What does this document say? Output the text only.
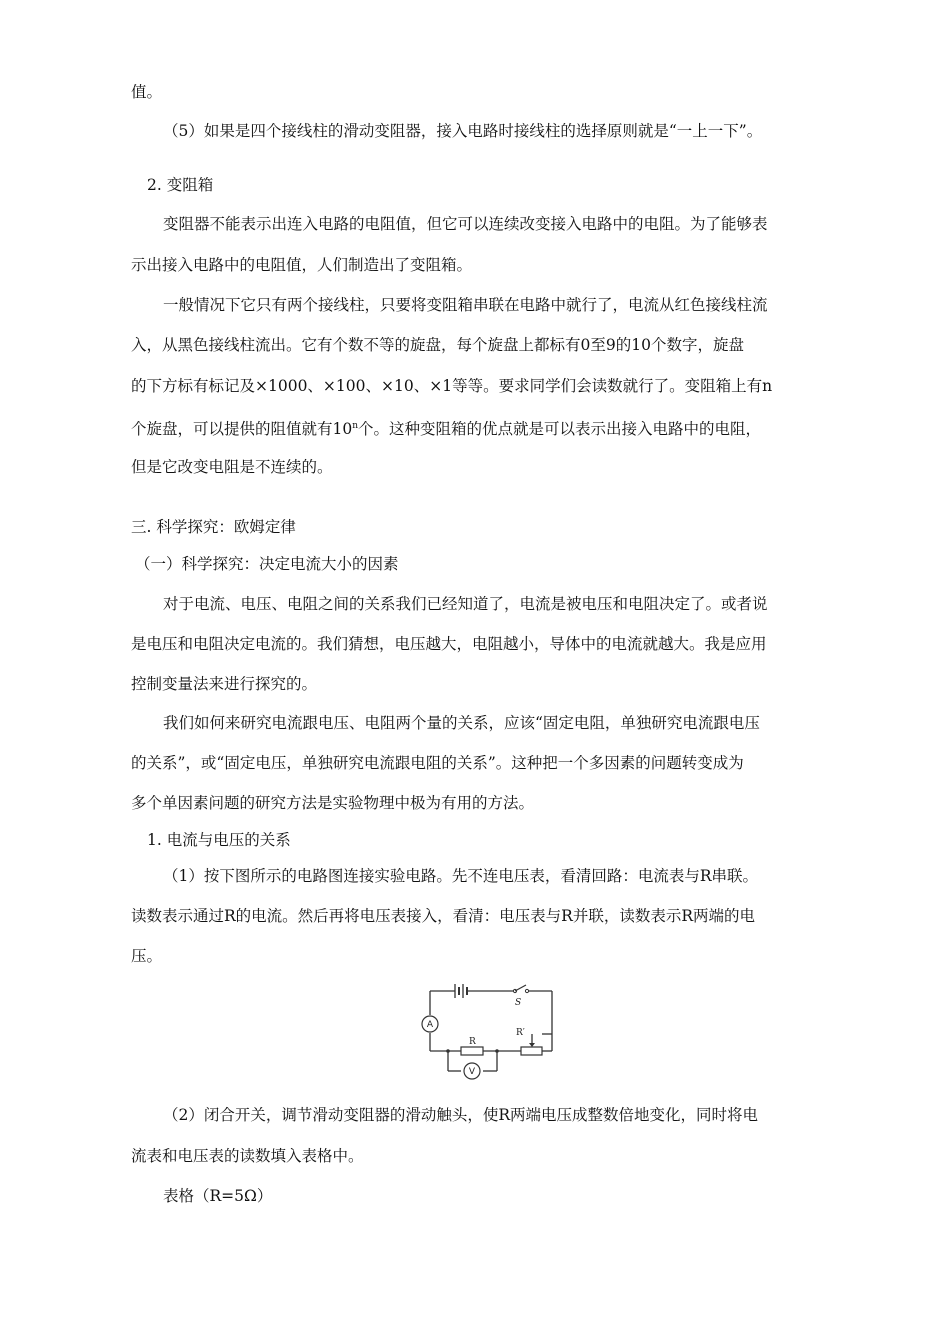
值。
（5）如果是四个接线柱的滑动变阻器，接入电路时接线柱的选择原则就是“一上一下”。
2. 变阻箱
变阻器不能表示出连入电路的电阻值，但它可以连续改变接入电路中的电阻。为了能够表
示出接入电路中的电阻值，人们制造出了变阻箱。
一般情况下它只有两个接线柱，只要将变阻箱串联在电路中就行了，电流从红色接线柱流
入，从黑色接线柱流出。它有个数不等的旋盘，每个旋盘上都标有0至9的10个数字，旋盘
的下方标有标记及×1000、×100、×10、×1等等。要求同学们会读数就行了。变阻箱上有n
个旋盘，可以提供的阻值就有10$^n$个。这种变阻箱的优点就是可以表示出接入电路中的电阻，
但是它改变电阻是不连续的。
三. 科学探究：欧姆定律
（一）科学探究：决定电流大小的因素
对于电流、电压、电阻之间的关系我们已经知道了，电流是被电压和电阻决定了。或者说
是电压和电阻决定电流的。我们猜想，电压越大，电阻越小，导体中的电流就越大。我是应用
控制变量法来进行探究的。
我们如何来研究电流跟电压、电阻两个量的关系，应该“固定电阻，单独研究电流跟电压
的关系”，或“固定电压，单独研究电流跟电阻的关系”。这种把一个多因素的问题转变成为
多个单因素问题的研究方法是实验物理中极为有用的方法。
1. 电流与电压的关系
（1）按下图所示的电路图连接实验电路。先不连电压表，看清回路：电流表与R串联。
读数表示通过R的电流。然后再将电压表接入，看清：电压表与R并联，读数表示R两端的电
压。
S
A
R
R′
V
（2）闭合开关，调节滑动变阻器的滑动触头，使R两端电压成整数倍地变化，同时将电
流表和电压表的读数填入表格中。
表格（R=5Ω）
